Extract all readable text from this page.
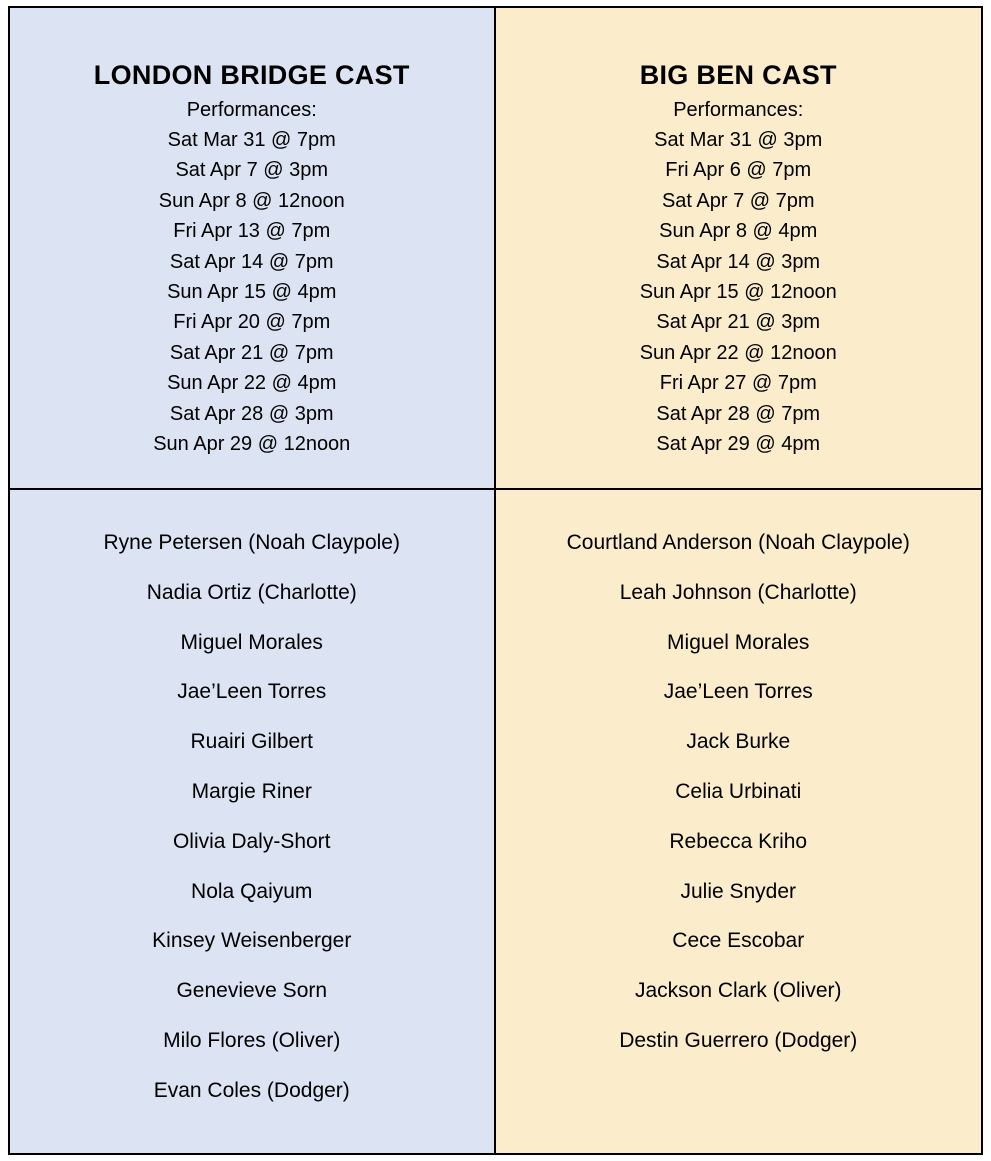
LONDON BRIDGE CAST
Performances:
Sat Mar 31 @ 7pm
Sat Apr 7 @ 3pm
Sun Apr 8 @ 12noon
Fri Apr 13 @ 7pm
Sat Apr 14 @ 7pm
Sun Apr 15 @ 4pm
Fri Apr 20 @ 7pm
Sat Apr 21 @ 7pm
Sun Apr 22 @ 4pm
Sat Apr 28 @ 3pm
Sun Apr 29 @ 12noon
BIG BEN CAST
Performances:
Sat Mar 31 @ 3pm
Fri Apr 6 @ 7pm
Sat Apr 7 @ 7pm
Sun Apr 8 @ 4pm
Sat Apr 14 @ 3pm
Sun Apr 15 @ 12noon
Sat Apr 21 @ 3pm
Sun Apr 22 @ 12noon
Fri Apr 27 @ 7pm
Sat Apr 28 @ 7pm
Sat Apr 29 @ 4pm
Ryne Petersen (Noah Claypole)
Nadia Ortiz (Charlotte)
Miguel Morales
Jae’Leen Torres
Ruairi Gilbert
Margie Riner
Olivia Daly-Short
Nola Qaiyum
Kinsey Weisenberger
Genevieve Sorn
Milo Flores (Oliver)
Evan Coles (Dodger)
Courtland Anderson (Noah Claypole)
Leah Johnson (Charlotte)
Miguel Morales
Jae’Leen Torres
Jack Burke
Celia Urbinati
Rebecca Kriho
Julie Snyder
Cece Escobar
Jackson Clark (Oliver)
Destin Guerrero (Dodger)
